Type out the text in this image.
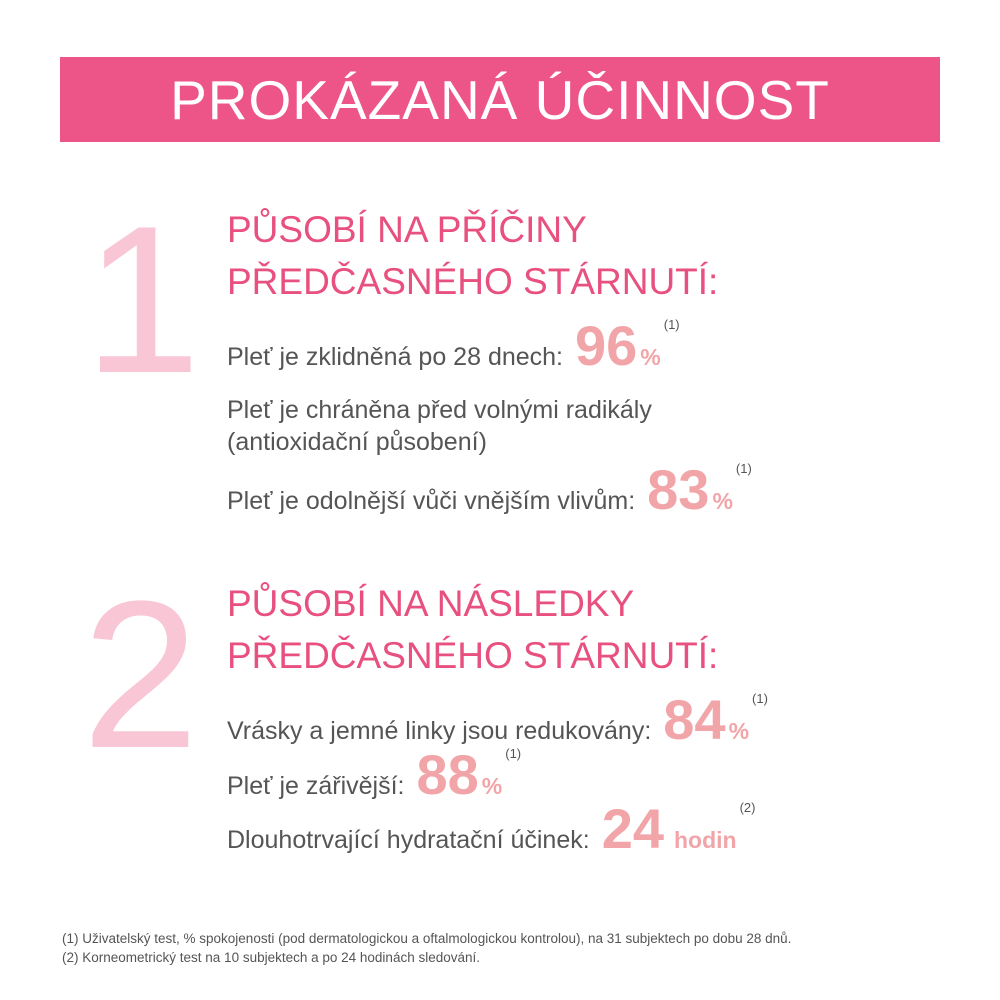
PROKÁZANÁ ÚČINNOST
1 PŮSOBÍ NA PŘÍČINY
PŘEDČASNÉHO STÁRNUTÍ:
Pleť je zklidněná po 28 dnech: 96 %
(1)
Pleť je chráněna před volnými radikály
(antioxidační působení)
Pleť je odolnější vůči vnějším vlivům: 83 %
(1)
2 PŮSOBÍ NA NÁSLEDKY
PŘEDČASNÉHO STÁRNUTÍ:
Vrásky a jemné linky jsou redukovány: 84 %
(1)
Pleť je zářivější: 88 %
(1)
Dlouhotrvající hydratační účinek: 24 hodin
(2)
(1) Uživatelský test, % spokojenosti (pod dermatologickou a oftalmologickou kontrolou), na 31 subjektech po dobu 28 dnů.
(2) Korneometrický test na 10 subjektech a po 24 hodinách sledování.
